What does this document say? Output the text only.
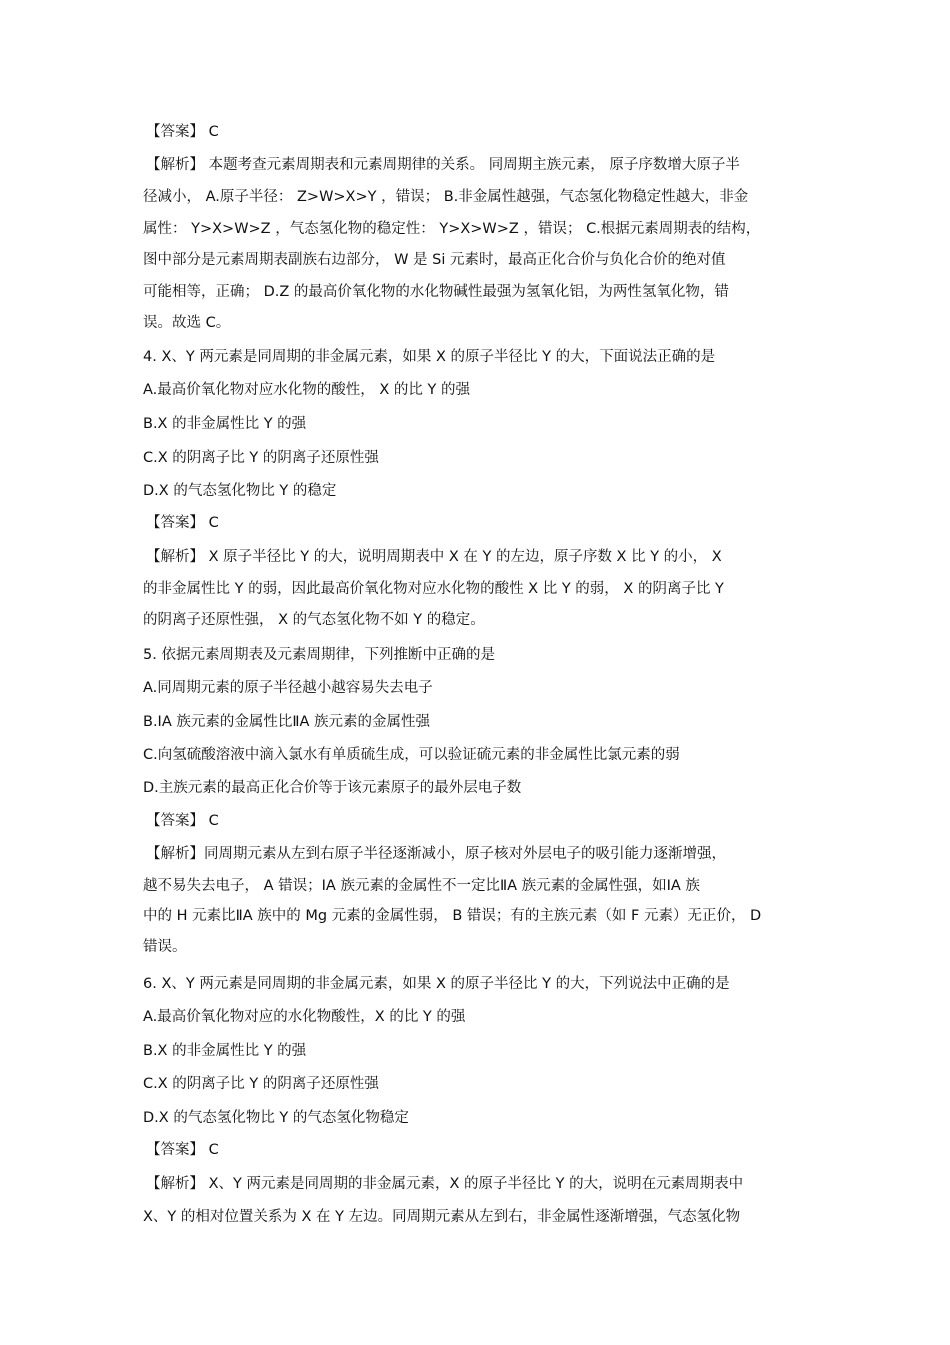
【答案】 C
【解析】 本题考查元素周期表和元素周期律的关系。 同周期主族元素， 原子序数增大原子半
径减小， A.原子半径： Z>W>X>Y ，错误； B.非金属性越强，气态氢化物稳定性越大，非金
属性： Y>X>W>Z ，气态氢化物的稳定性： Y>X>W>Z ，错误； C.根据元素周期表的结构，
图中部分是元素周期表副族右边部分， W 是 Si 元素时，最高正化合价与负化合价的绝对值
可能相等，正确； D.Z 的最高价氧化物的水化物碱性最强为氢氧化铝，为两性氢氧化物，错
误。故选 C。
4. X、Y 两元素是同周期的非金属元素，如果 X 的原子半径比 Y 的大，下面说法正确的是
A.最高价氧化物对应水化物的酸性， X 的比 Y 的强
B.X 的非金属性比 Y 的强
C.X 的阴离子比 Y 的阴离子还原性强
D.X 的气态氢化物比 Y 的稳定
【答案】 C
【解析】 X 原子半径比 Y 的大，说明周期表中 X 在 Y 的左边，原子序数 X 比 Y 的小， X
的非金属性比 Y 的弱，因此最高价氧化物对应水化物的酸性 X 比 Y 的弱， X 的阴离子比 Y
的阴离子还原性强， X 的气态氢化物不如 Y 的稳定。
5. 依据元素周期表及元素周期律，下列推断中正确的是
A.同周期元素的原子半径越小越容易失去电子
B.ⅠA 族元素的金属性比ⅡA 族元素的金属性强
C.向氢硫酸溶液中滴入氯水有单质硫生成，可以验证硫元素的非金属性比氯元素的弱
D.主族元素的最高正化合价等于该元素原子的最外层电子数
【答案】 C
【解析】同周期元素从左到右原子半径逐渐减小，原子核对外层电子的吸引能力逐渐增强，
越不易失去电子， A 错误；ⅠA 族元素的金属性不一定比ⅡA 族元素的金属性强，如ⅠA 族
中的 H 元素比ⅡA 族中的 Mg 元素的金属性弱， B 错误；有的主族元素（如 F 元素）无正价， D
错误。
6. X、Y 两元素是同周期的非金属元素，如果 X 的原子半径比 Y 的大，下列说法中正确的是
A.最高价氧化物对应的水化物酸性，X 的比 Y 的强
B.X 的非金属性比 Y 的强
C.X 的阴离子比 Y 的阴离子还原性强
D.X 的气态氢化物比 Y 的气态氢化物稳定
【答案】 C
【解析】 X、Y 两元素是同周期的非金属元素，X 的原子半径比 Y 的大，说明在元素周期表中
X、Y 的相对位置关系为 X 在 Y 左边。同周期元素从左到右，非金属性逐渐增强，气态氢化物
